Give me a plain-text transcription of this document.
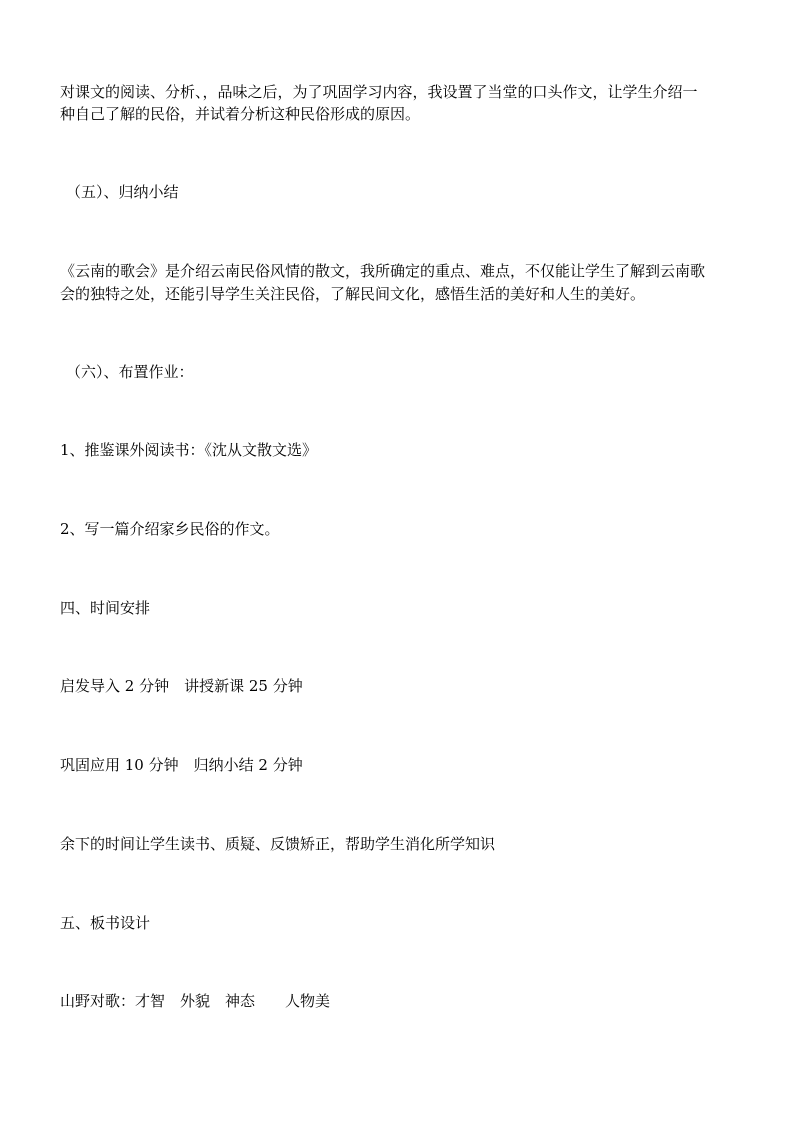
对课文的阅读、分析、，品味之后，为了巩固学习内容，我设置了当堂的口头作文，让学生介绍一
种自己了解的民俗，并试着分析这种民俗形成的原因。
（五）、归纳小结
《云南的歌会》是介绍云南民俗风情的散文，我所确定的重点、难点，不仅能让学生了解到云南歌
会的独特之处，还能引导学生关注民俗，了解民间文化，感悟生活的美好和人生的美好。
（六）、布置作业：
1、推鉴课外阅读书：《沈从文散文选》
2、写一篇介绍家乡民俗的作文。
四、时间安排
启发导入 2 分钟　讲授新课 25 分钟
巩固应用 10 分钟　归纳小结 2 分钟
余下的时间让学生读书、质疑、反馈矫正，帮助学生消化所学知识
五、板书设计
山野对歌：才智　外貌　神态　　人物美
